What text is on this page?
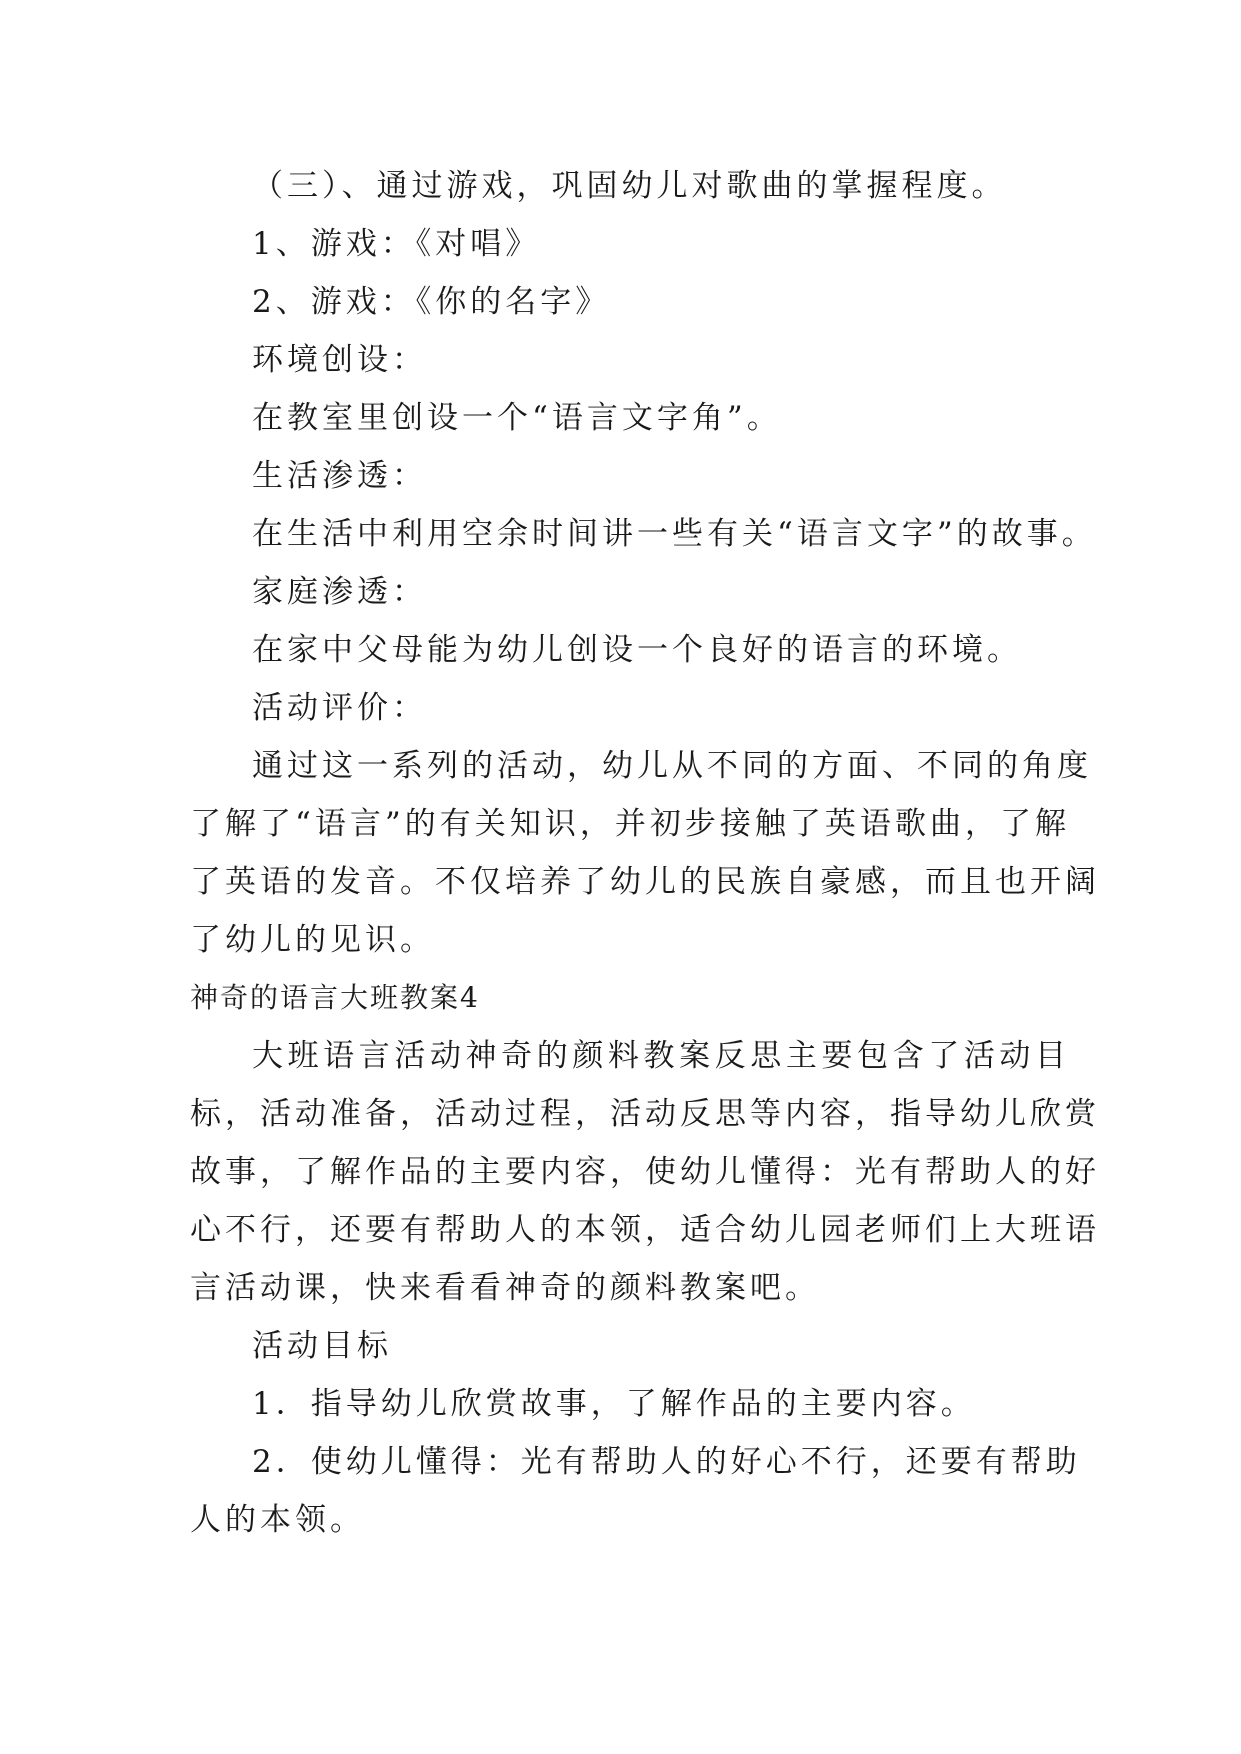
（三）、通过游戏，巩固幼儿对歌曲的掌握程度。
1、游戏：《对唱》
2、游戏：《你的名字》
环境创设：
在教室里创设一个“语言文字角”。
生活渗透：
在生活中利用空余时间讲一些有关“语言文字”的故事。
家庭渗透：
在家中父母能为幼儿创设一个良好的语言的环境。
活动评价：
通过这一系列的活动，幼儿从不同的方面、不同的角度
了解了“语言”的有关知识，并初步接触了英语歌曲，了解
了英语的发音。不仅培养了幼儿的民族自豪感，而且也开阔
了幼儿的见识。
神奇的语言大班教案4
大班语言活动神奇的颜料教案反思主要包含了活动目
标，活动准备，活动过程，活动反思等内容，指导幼儿欣赏
故事，了解作品的主要内容，使幼儿懂得：光有帮助人的好
心不行，还要有帮助人的本领，适合幼儿园老师们上大班语
言活动课，快来看看神奇的颜料教案吧。
活动目标
1．指导幼儿欣赏故事，了解作品的主要内容。
2．使幼儿懂得：光有帮助人的好心不行，还要有帮助
人的本领。
